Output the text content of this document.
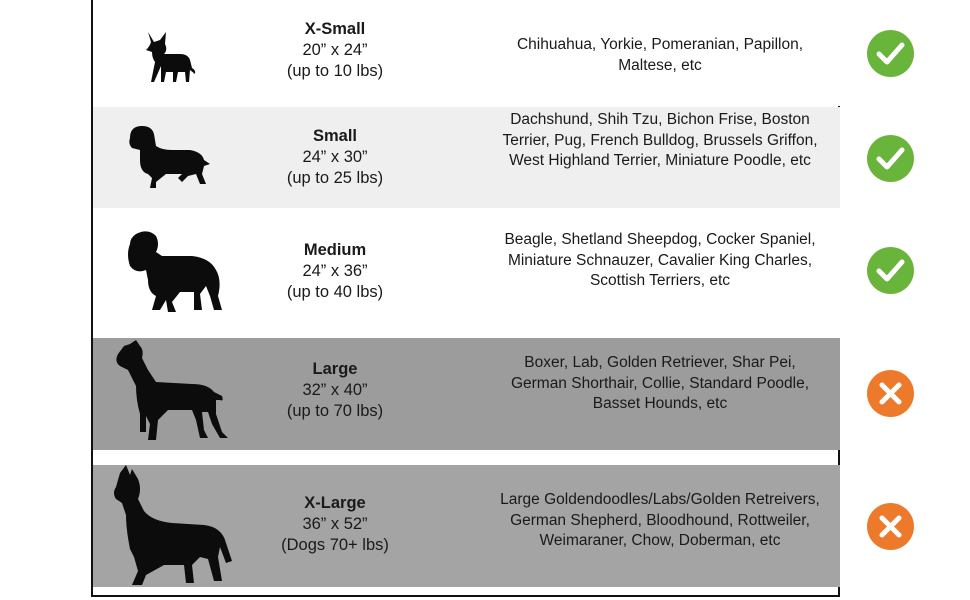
X-Small
20” x 24”
(up to 10 lbs)
Chihuahua, Yorkie, Pomeranian, Papillon,
Maltese, etc
Small
24” x 30”
(up to 25 lbs)
Dachshund, Shih Tzu, Bichon Frise, Boston
Terrier, Pug, French Bulldog, Brussels Griffon,
West Highland Terrier, Miniature Poodle, etc
Medium
24” x 36”
(up to 40 lbs)
Beagle, Shetland Sheepdog, Cocker Spaniel,
Miniature Schnauzer, Cavalier King Charles,
Scottish Terriers, etc
Large
32” x 40”
(up to 70 lbs)
Boxer, Lab, Golden Retriever, Shar Pei,
German Shorthair, Collie, Standard Poodle,
Basset Hounds, etc
X-Large
36” x 52”
(Dogs 70+ lbs)
Large Goldendoodles/Labs/Golden Retreivers,
German Shepherd, Bloodhound, Rottweiler,
Weimaraner, Chow, Doberman, etc
